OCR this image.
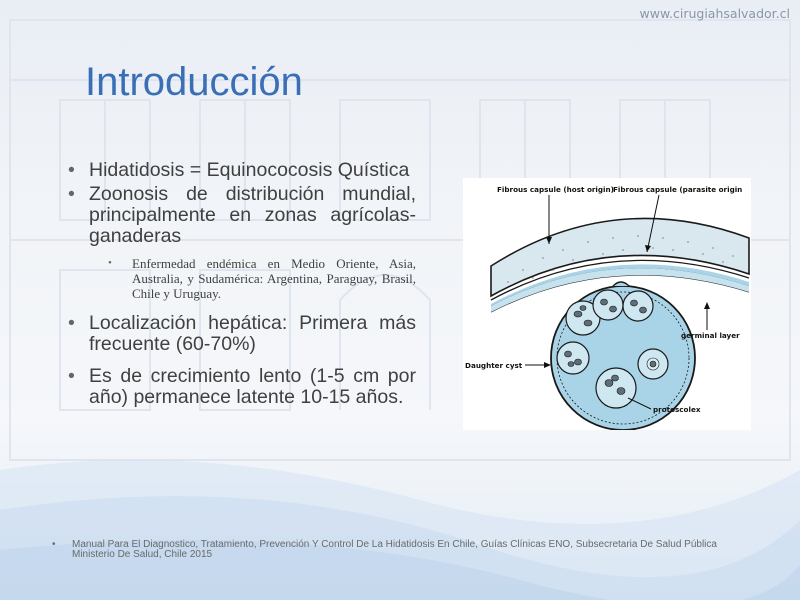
www.cirugiahsalvador.cl
Introducción
• Hidatidosis = Equinococosis Quística
• Zoonosis de distribución mundial, principalmente en zonas agrícolas-ganaderas
•	Enfermedad endémica en Medio Oriente, Asia, Australia, y Sudamérica: Argentina, Paraguay, Brasil, Chile y Uruguay.
• Localización hepática: Primera más frecuente (60-70%)
• Es de crecimiento lento (1-5 cm por año) permanece latente 10-15 años.
Fibrous capsule (host origin) Fibrous capsule (parasite origin
germinal layer
Daughter cyst
protoscolex
• Manual Para El Diagnostico, Tratamiento, Prevención Y Control De La Hidatidosis En Chile, Guías Clínicas ENO, Subsecretaria De Salud Pública Ministerio De Salud, Chile 2015
